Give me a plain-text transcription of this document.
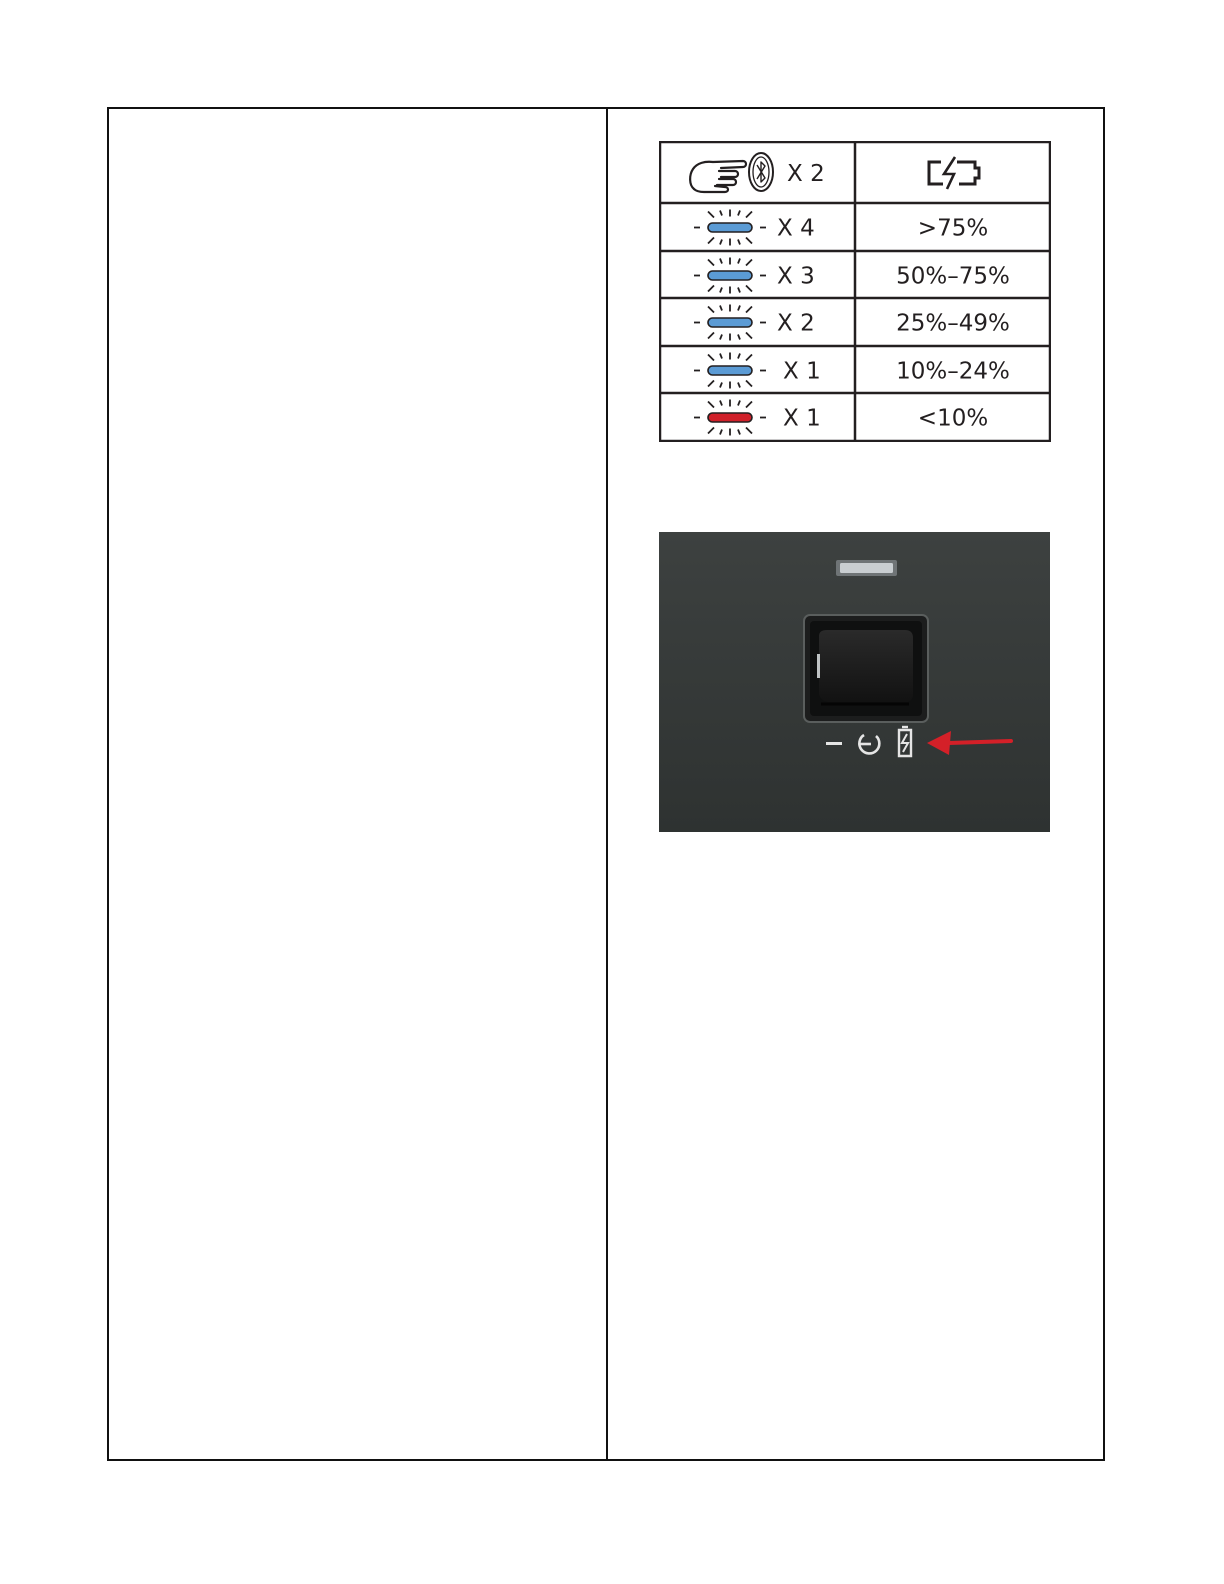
X 2
X 4	>75%
X 3	50%–75%
X 2	25%–49%
X 1	10%–24%
X 1	<10%
